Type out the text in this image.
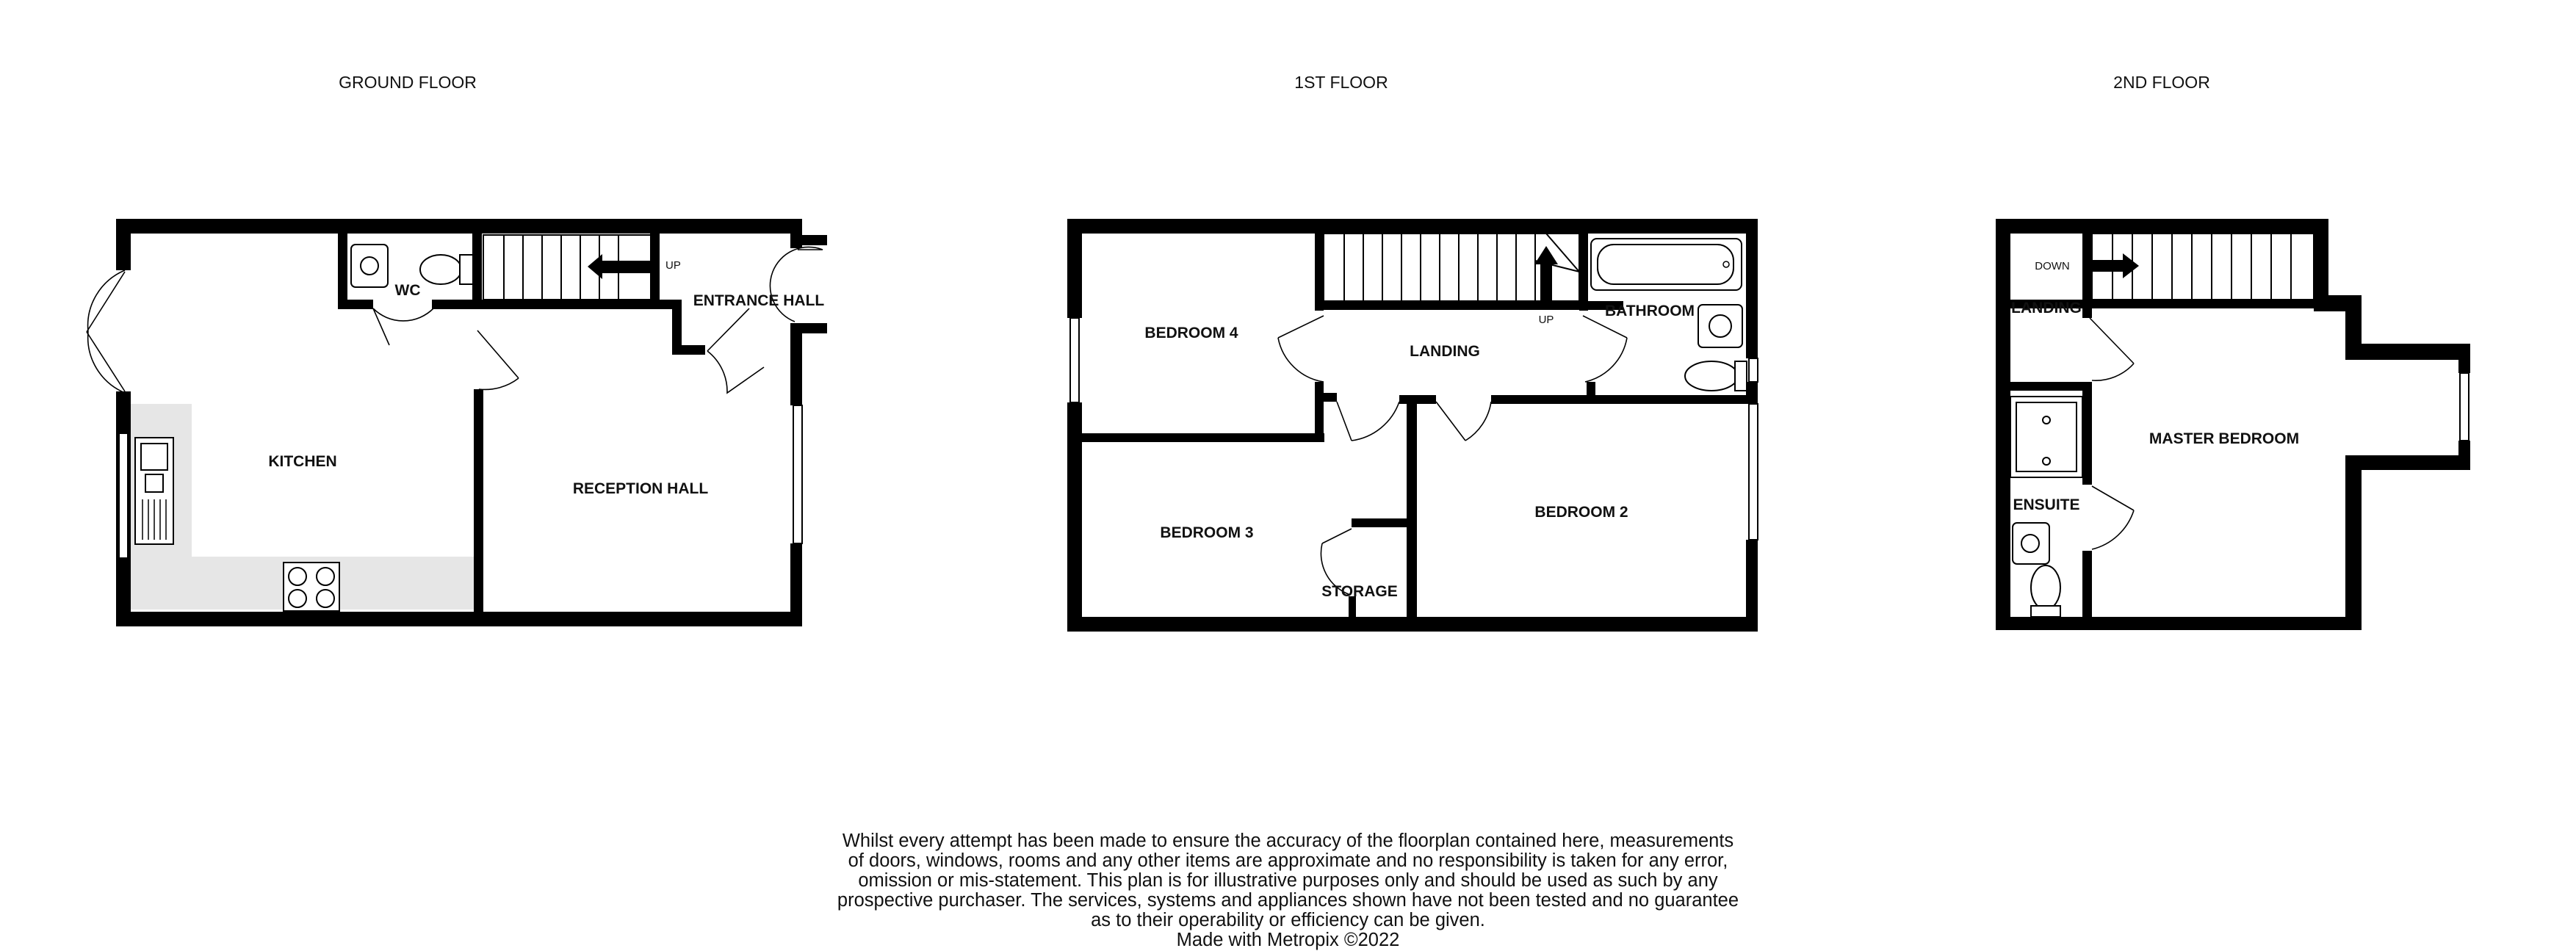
GROUND FLOOR
UP
KITCHEN
WC
ENTRANCE HALL
RECEPTION HALL
1ST FLOOR
UP
BEDROOM 4
LANDING
BATHROOM
BEDROOM 3
STORAGE
BEDROOM 2
2ND FLOOR
DOWN
LANDING
MASTER BEDROOM
ENSUITE
Whilst every attempt has been made to ensure the accuracy of the floorplan contained here, measurements
of doors, windows, rooms and any other items are approximate and no responsibility is taken for any error,
omission or mis-statement. This plan is for illustrative purposes only and should be used as such by any
prospective purchaser. The services, systems and appliances shown have not been tested and no guarantee
as to their operability or efficiency can be given.
Made with Metropix ©2022
